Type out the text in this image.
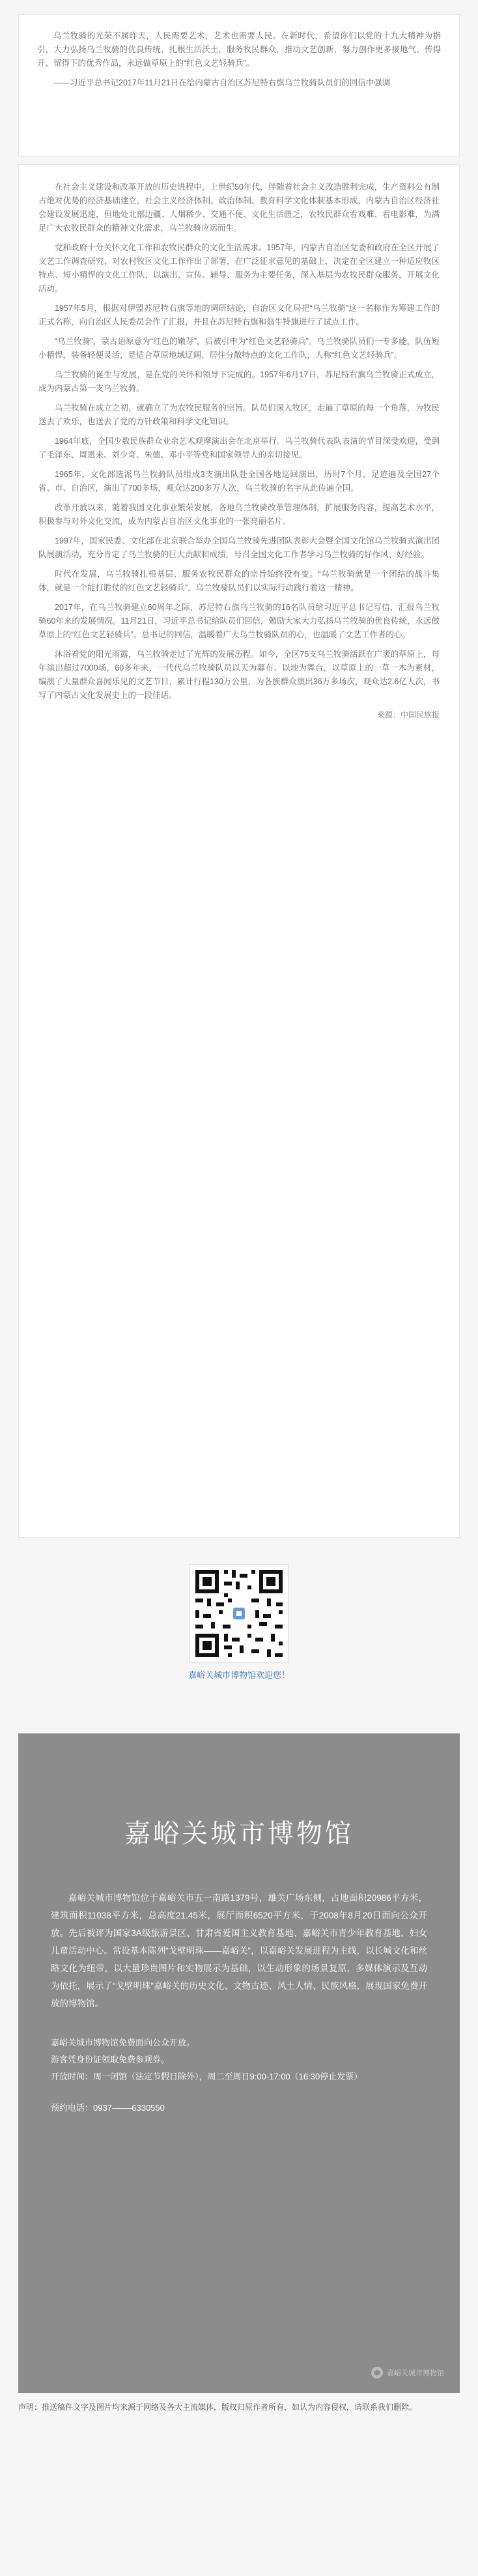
乌兰牧骑的光荣不属昨天，人民需要艺术，艺术也需要人民。在新时代，希望你们以党的十九大精神为指引，大力弘扬乌兰牧骑的优良传统，扎根生活沃土，服务牧民群众，推动文艺创新，努力创作更多接地气、传得开、留得下的优秀作品，永远做草原上的“红色文艺轻骑兵”。

——习近平总书记2017年11月21日在给内蒙古自治区苏尼特右旗乌兰牧骑队员们的回信中强调

在社会主义建设和改革开放的历史进程中，上世纪50年代，伴随着社会主义改造胜利完成，生产资料公有制占绝对优势的经济基础建立，社会主义经济体制、政治体制、教育科学文化体制基本形成，内蒙古自治区经济社会建设发展迅速，但地处北部边疆、人烟稀少、交通不便、文化生活匮乏，农牧民群众看戏难、看电影难，为满足广大农牧民群众的精神文化需求，乌兰牧骑应运而生。

党和政府十分关怀文化工作和农牧民群众的文化生活需求。1957年，内蒙古自治区党委和政府在全区开展了文艺工作调查研究，对农村牧区文化工作作出了部署，在广泛征求意见的基础上，决定在全区建立一种适应牧区特点、短小精悍的文化工作队，以演出、宣传、辅导、服务为主要任务，深入基层为农牧民群众服务，开展文化活动。

1957年5月，根据对伊盟苏尼特右旗等地的调研结论，自治区文化局把“乌兰牧骑”这一名称作为筹建工作的正式名称，向自治区人民委员会作了汇报，并且在苏尼特右旗和翁牛特旗进行了试点工作。

“乌兰牧骑”，蒙古语原意为“红色的嫩芽”，后被引申为“红色文艺轻骑兵”。乌兰牧骑队员们一专多能，队伍短小精悍，装备轻便灵活，是适合草原地域辽阔、居住分散特点的文化工作队，人称“红色文艺轻骑兵”。

乌兰牧骑的诞生与发展，是在党的关怀和领导下完成的。1957年6月17日，苏尼特右旗乌兰牧骑正式成立，成为内蒙古第一支乌兰牧骑。

乌兰牧骑在成立之初，就确立了为农牧民服务的宗旨。队员们深入牧区，走遍了草原的每一个角落，为牧民送去了欢乐，也送去了党的方针政策和科学文化知识。

1964年底，全国少数民族群众业余艺术观摩演出会在北京举行。乌兰牧骑代表队表演的节目深受欢迎，受到了毛泽东、周恩来、刘少奇、朱德、邓小平等党和国家领导人的亲切接见。

1965年，文化部选派乌兰牧骑队员组成3支演出队赴全国各地巡回演出，历时7个月，足迹遍及全国27个省、市、自治区，演出了700多场，观众达200多万人次，乌兰牧骑的名字从此传遍全国。

改革开放以来，随着我国文化事业繁荣发展，各地乌兰牧骑改革管理体制，扩展服务内容，提高艺术水平，积极参与对外文化交流，成为内蒙古自治区文化事业的一张亮丽名片。

1997年，国家民委、文化部在北京联合举办全国乌兰牧骑先进团队表彰大会暨全国文化馆乌兰牧骑式演出团队展演活动，充分肯定了乌兰牧骑的巨大贡献和成绩，号召全国文化工作者学习乌兰牧骑的好作风、好经验。

时代在发展，乌兰牧骑扎根基层、服务农牧民群众的宗旨始终没有变。“乌兰牧骑就是一个团结的战斗集体，就是一个能打胜仗的红色文艺轻骑兵”，乌兰牧骑队员们以实际行动践行着这一精神。

2017年，在乌兰牧骑建立60周年之际，苏尼特右旗乌兰牧骑的16名队员给习近平总书记写信，汇报乌兰牧骑60年来的发展情况。11月21日，习近平总书记给队员们回信，勉励大家大力弘扬乌兰牧骑的优良传统，永远做草原上的“红色文艺轻骑兵”。总书记的回信，温暖着广大乌兰牧骑队员的心，也温暖了文艺工作者的心。

沐浴着党的阳光雨露，乌兰牧骑走过了光辉的发展历程。如今，全区75支乌兰牧骑活跃在广袤的草原上，每年演出超过7000场，60多年来，一代代乌兰牧骑队员以天为幕布、以地为舞台，以草原上的一草一木为素材，编演了大量群众喜闻乐见的文艺节目，累计行程130万公里，为各族群众演出36万多场次，观众达2.6亿人次，书写了内蒙古文化发展史上的一段佳话。

来源：中国民族报
嘉峪关城市博物馆欢迎您！
嘉峪关城市博物馆
嘉峪关城市博物馆位于嘉峪关市五一南路1379号，雄关广场东侧，占地面积20986平方米，建筑面积11038平方米，总高度21.45米，展厅面积6520平方米，于2008年8月20日面向公众开放。先后被评为国家3A级旅游景区、甘肃省爱国主义教育基地、嘉峪关市青少年教育基地、妇女儿童活动中心。常设基本陈列“戈壁明珠——嘉峪关”，以嘉峪关发展进程为主线，以长城文化和丝路文化为纽带，以大量珍贵图片和实物展示为基础，以生动形象的场景复原，多媒体演示及互动为依托，展示了“戈壁明珠”嘉峪关的历史文化、文物古迹、风土人情、民族风格，展现国家免费开放的博物馆。
嘉峪关城市博物馆免费面向公众开放。
游客凭身份证领取免费参观券。
开放时间：周一闭馆（法定节假日除外），周二至周日9:00-17:00（16:30停止发票）
预约电话：0937-——6330550
嘉峪关城市博物馆
声明：推送稿件文字及图片均来源于网络及各大主流媒体，版权归原作者所有，如认为内容侵权，请联系我们删除。
